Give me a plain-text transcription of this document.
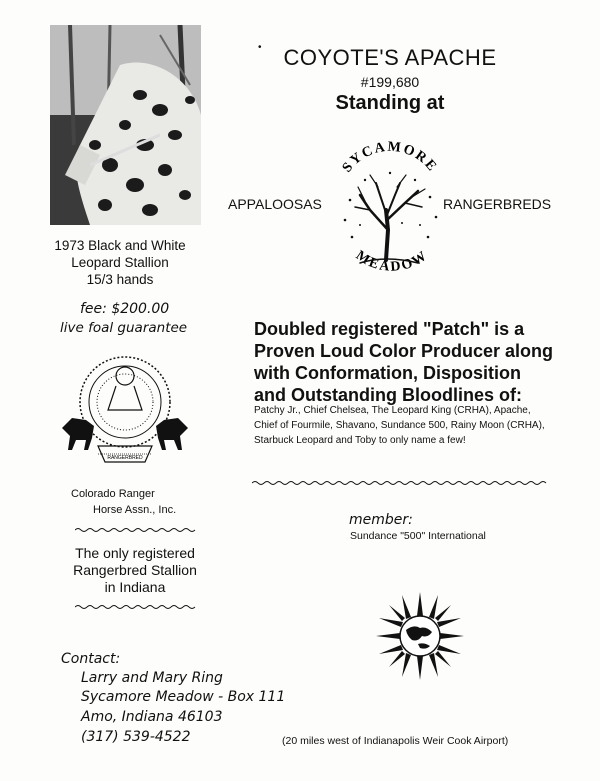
• COYOTE'S APACHE
#199,680
Standing at
SYCAMORE
MEADOW
APPALOOSAS	RANGERBREDS
1973 Black and White
Leopard Stallion
15/3 hands
fee: $200.00
live foal guarantee
RANGERBRED
Colorado Ranger
Horse Assn., Inc.
The only registered
Rangerbred Stallion
in Indiana
Doubled registered "Patch" is a Proven Loud Color Producer along with Conformation, Disposition and Outstanding Bloodlines of:
Patchy Jr., Chief Chelsea, The Leopard King (CRHA), Apache, Chief of Fourmile, Shavano, Sundance 500, Rainy Moon (CRHA), Starbuck Leopard and Toby to only name a few!
member:
Sundance "500" International
Contact:
Larry and Mary Ring
Sycamore Meadow - Box 111
Amo, Indiana 46103
(317) 539-4522	(20 miles west of Indianapolis Weir Cook Airport)
